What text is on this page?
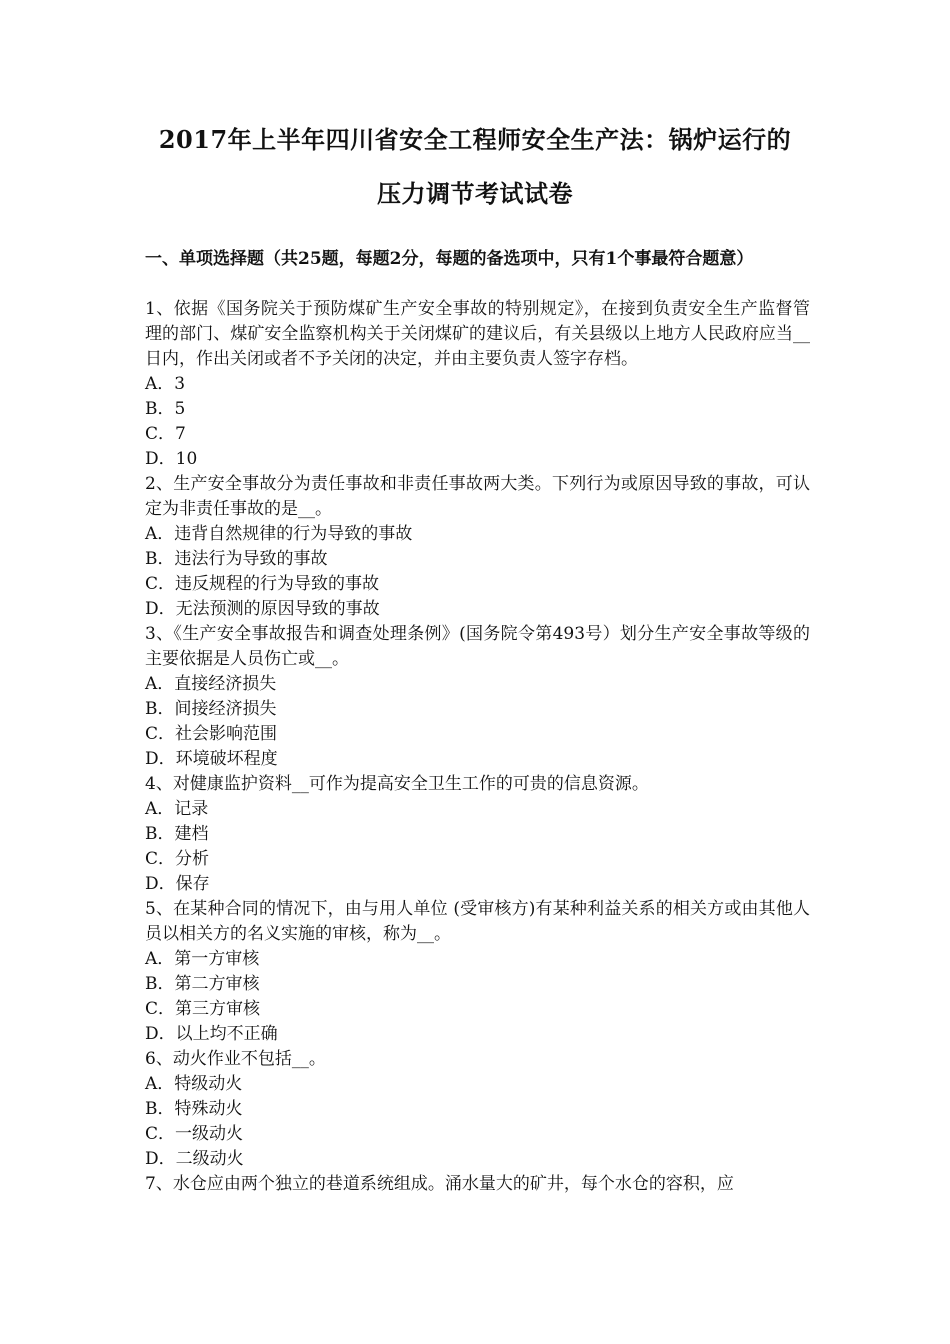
2017年上半年四川省安全工程师安全生产法：锅炉运行的
压力调节考试试卷
一、单项选择题（共25题，每题2分，每题的备选项中，只有1个事最符合题意）
1、依据《国务院关于预防煤矿生产安全事故的特别规定》，在接到负责安全生产监督管理的部门、煤矿安全监察机构关于关闭煤矿的建议后，有关县级以上地方人民政府应当__日内，作出关闭或者不予关闭的决定，并由主要负责人签字存档。
A．3
B．5
C．7
D．10
2、生产安全事故分为责任事故和非责任事故两大类。下列行为或原因导致的事故，可认定为非责任事故的是__。
A．违背自然规律的行为导致的事故
B．违法行为导致的事故
C．违反规程的行为导致的事故
D．无法预测的原因导致的事故
3、《生产安全事故报告和调查处理条例》(国务院令第493号）划分生产安全事故等级的主要依据是人员伤亡或__。
A．直接经济损失
B．间接经济损失
C．社会影响范围
D．环境破坏程度
4、对健康监护资料__可作为提高安全卫生工作的可贵的信息资源。
A．记录
B．建档
C．分析
D．保存
5、在某种合同的情况下，由与用人单位 (受审核方)有某种利益关系的相关方或由其他人员以相关方的名义实施的审核，称为__。
A．第一方审核
B．第二方审核
C．第三方审核
D．以上均不正确
6、动火作业不包括__。
A．特级动火
B．特殊动火
C．一级动火
D．二级动火
7、水仓应由两个独立的巷道系统组成。涌水量大的矿井，每个水仓的容积，应
